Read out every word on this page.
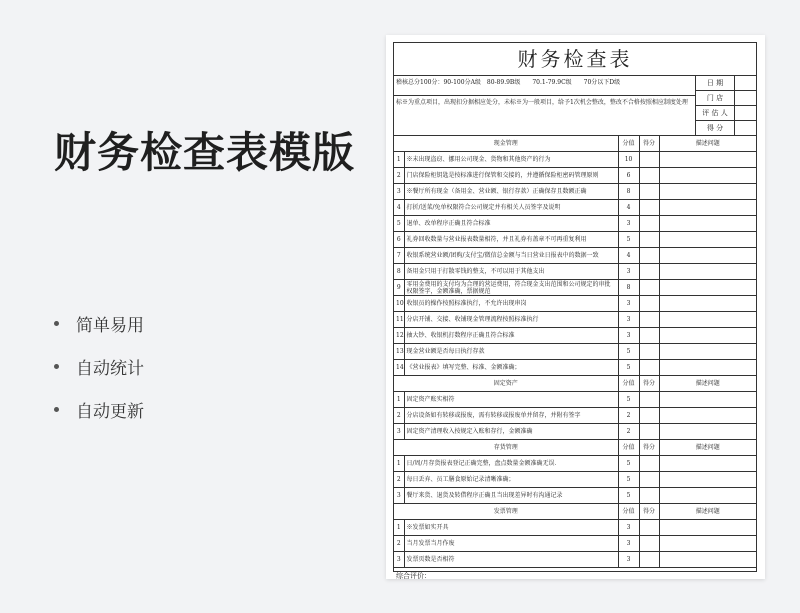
财务检查表模版
简单易用
自动统计
自动更新
财务检查表
稽核总分100分：90-100分A级　80-89.9B级　　70.1-79.9C级　　70分以下D级
标※为重点项目，出现扣分据相应处分，未标※为一般项目，给予1次机会整改，整改不合格按照相应制度处理
日 期
门 店
评 估 人
得 分
现金管理		分值	得分	描述问题
1	※未出现盗窃、挪用公司现金、货物和其他资产的行为	10		
2	门店保险柜钥匙是按标准进行保管和交接的，并遵循保险柜密码管理原则	6		
3	※餐厅所有现金（备用金、营业额、银行存款）正确保存且数额正确	8		
4	打折/送菜/免单权限符合公司规定并有相关人员签字及说明	4		
5	退单、改单程序正确且符合标准	3		
6	礼券回收数量与营业报表数量相符，并且礼券有盖章不可再重复利用	5		
7	收银系统营业额/团购/支付宝/微信总金额与当日营业日报表中的数据一致	4		
8	备用金只用于打散零钱的整支，不可以用于其他支出	3		
9	零用金费用的支付均为合理的营运费用，符合现金支出范围和公司规定的审批权限签字，金额准确，票据规范	8		
10	收银员的操作按照标准执行，不允许出现串岗	3		
11	分店开铺、交接、收铺现金管理流程按照标准执行	3		
12	抽大钞、收银机打数程序正确且符合标准	3		
13	现金营业额是否每日执行存款	5		
14	《营业报表》填写完整、标准、金额准确；	5		
固定资产		分值	得分	描述问题
1	固定资产账实相符	5		
2	分店设备如有转移或报废，需有转移或报废单并留存，并附有签字	2		
3	固定资产清理收入按规定入账和存行，金额准确	2		
存货管理		分值	得分	描述问题
1	日/周/月存货报表登记正确完整，盘点数量金额准确无误．	5		
2	每日丢弃、员工膳食原始记录清晰准确；	5		
3	餐厅来货、退货及转借程序正确且当出现差异时有沟通记录	5		
发票管理		分值	得分	描述问题
1	※发票如实开具	3		
2	当月发票当月作废	3		
3	发票页数是否相符	3		
综合评价：
